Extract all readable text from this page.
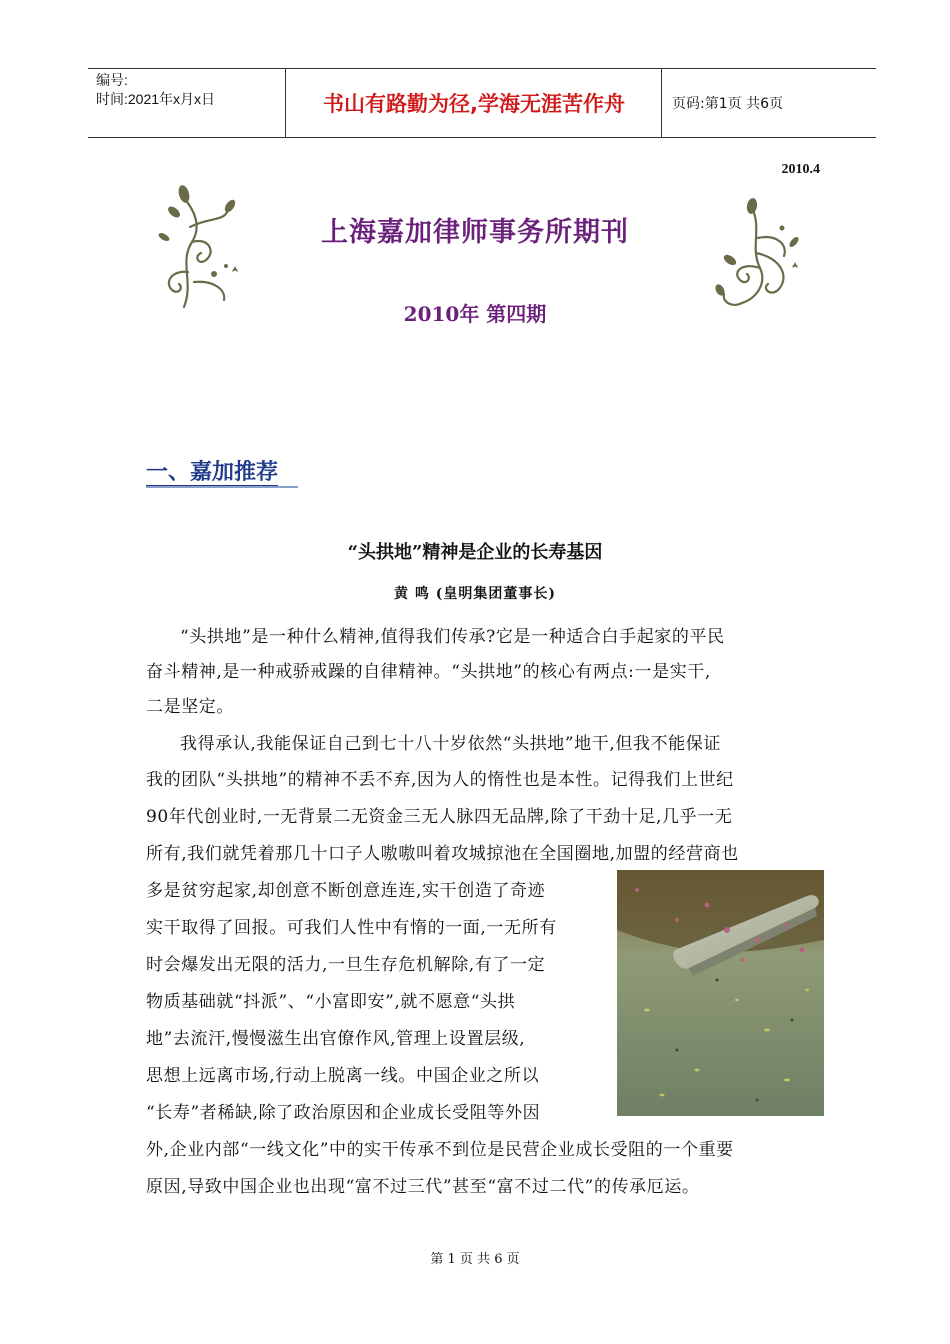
编号:
时间:2021年x月x日	书山有路勤为径,学海无涯苦作舟	页码:第1页 共6页
2010.4
上海嘉加律师事务所期刊
2010年 第四期
一、嘉加推荐
“头拱地”精神是企业的长寿基因
黄 鸣 (皇明集团董事长)
“头拱地”是一种什么精神,值得我们传承?它是一种适合白手起家的平民
奋斗精神,是一种戒骄戒躁的自律精神。“头拱地”的核心有两点:一是实干,
二是坚定。
我得承认,我能保证自己到七十八十岁依然“头拱地”地干,但我不能保证
我的团队“头拱地”的精神不丢不弃,因为人的惰性也是本性。记得我们上世纪
90年代创业时,一无背景二无资金三无人脉四无品牌,除了干劲十足,几乎一无
所有,我们就凭着那几十口子人嗷嗷叫着攻城掠池在全国圈地,加盟的经营商也
多是贫穷起家,却创意不断创意连连,实干创造了奇迹
实干取得了回报。可我们人性中有惰的一面,一无所有
时会爆发出无限的活力,一旦生存危机解除,有了一定
物质基础就“抖派”、“小富即安”,就不愿意“头拱
地”去流汗,慢慢滋生出官僚作风,管理上设置层级,
思想上远离市场,行动上脱离一线。中国企业之所以
“长寿”者稀缺,除了政治原因和企业成长受阻等外因
外,企业内部“一线文化”中的实干传承不到位是民营企业成长受阻的一个重要
原因,导致中国企业也出现“富不过三代”甚至“富不过二代”的传承厄运。
第 1 页 共 6 页
